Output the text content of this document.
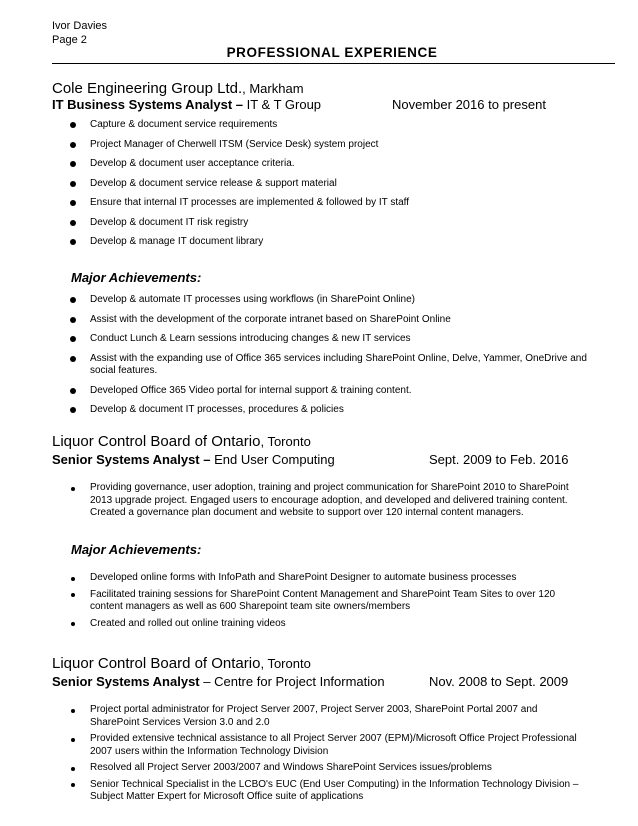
Ivor Davies
Page 2
PROFESSIONAL EXPERIENCE
Cole Engineering Group Ltd., Markham
IT Business Systems Analyst – IT & T Group	November 2016 to present
Capture & document service requirements
Project Manager of Cherwell ITSM (Service Desk) system project
Develop & document user acceptance criteria.
Develop & document service release & support material
Ensure that internal IT processes are implemented & followed by IT staff
Develop & document IT risk registry
Develop & manage IT document library
Major Achievements:
Develop & automate IT processes using workflows (in SharePoint Online)
Assist with the development of the corporate intranet based on SharePoint Online
Conduct Lunch & Learn sessions introducing changes & new IT services
Assist with the expanding use of Office 365 services including SharePoint Online, Delve, Yammer, OneDrive and social features.
Developed Office 365 Video portal for internal support & training content.
Develop & document IT processes, procedures & policies
Liquor Control Board of Ontario, Toronto
Senior Systems Analyst – End User Computing	Sept. 2009 to Feb. 2016
Providing governance, user adoption, training and project communication for SharePoint 2010 to SharePoint 2013 upgrade project. Engaged users to encourage adoption, and developed and delivered training content. Created a governance plan document and website to support over 120 internal content managers.
Major Achievements:
Developed online forms with InfoPath and SharePoint Designer to automate business processes
Facilitated training sessions for SharePoint Content Management and SharePoint Team Sites to over 120 content managers as well as 600 Sharepoint team site owners/members
Created and rolled out online training videos
Liquor Control Board of Ontario, Toronto
Senior Systems Analyst – Centre for Project Information	Nov. 2008 to Sept. 2009
Project portal administrator for Project Server 2007, Project Server 2003, SharePoint Portal 2007 and SharePoint Services Version 3.0 and 2.0
Provided extensive technical assistance to all Project Server 2007 (EPM)/Microsoft Office Project Professional 2007 users within the Information Technology Division
Resolved all Project Server 2003/2007 and Windows SharePoint Services issues/problems
Senior Technical Specialist in the LCBO's EUC (End User Computing) in the Information Technology Division – Subject Matter Expert for Microsoft Office suite of applications
